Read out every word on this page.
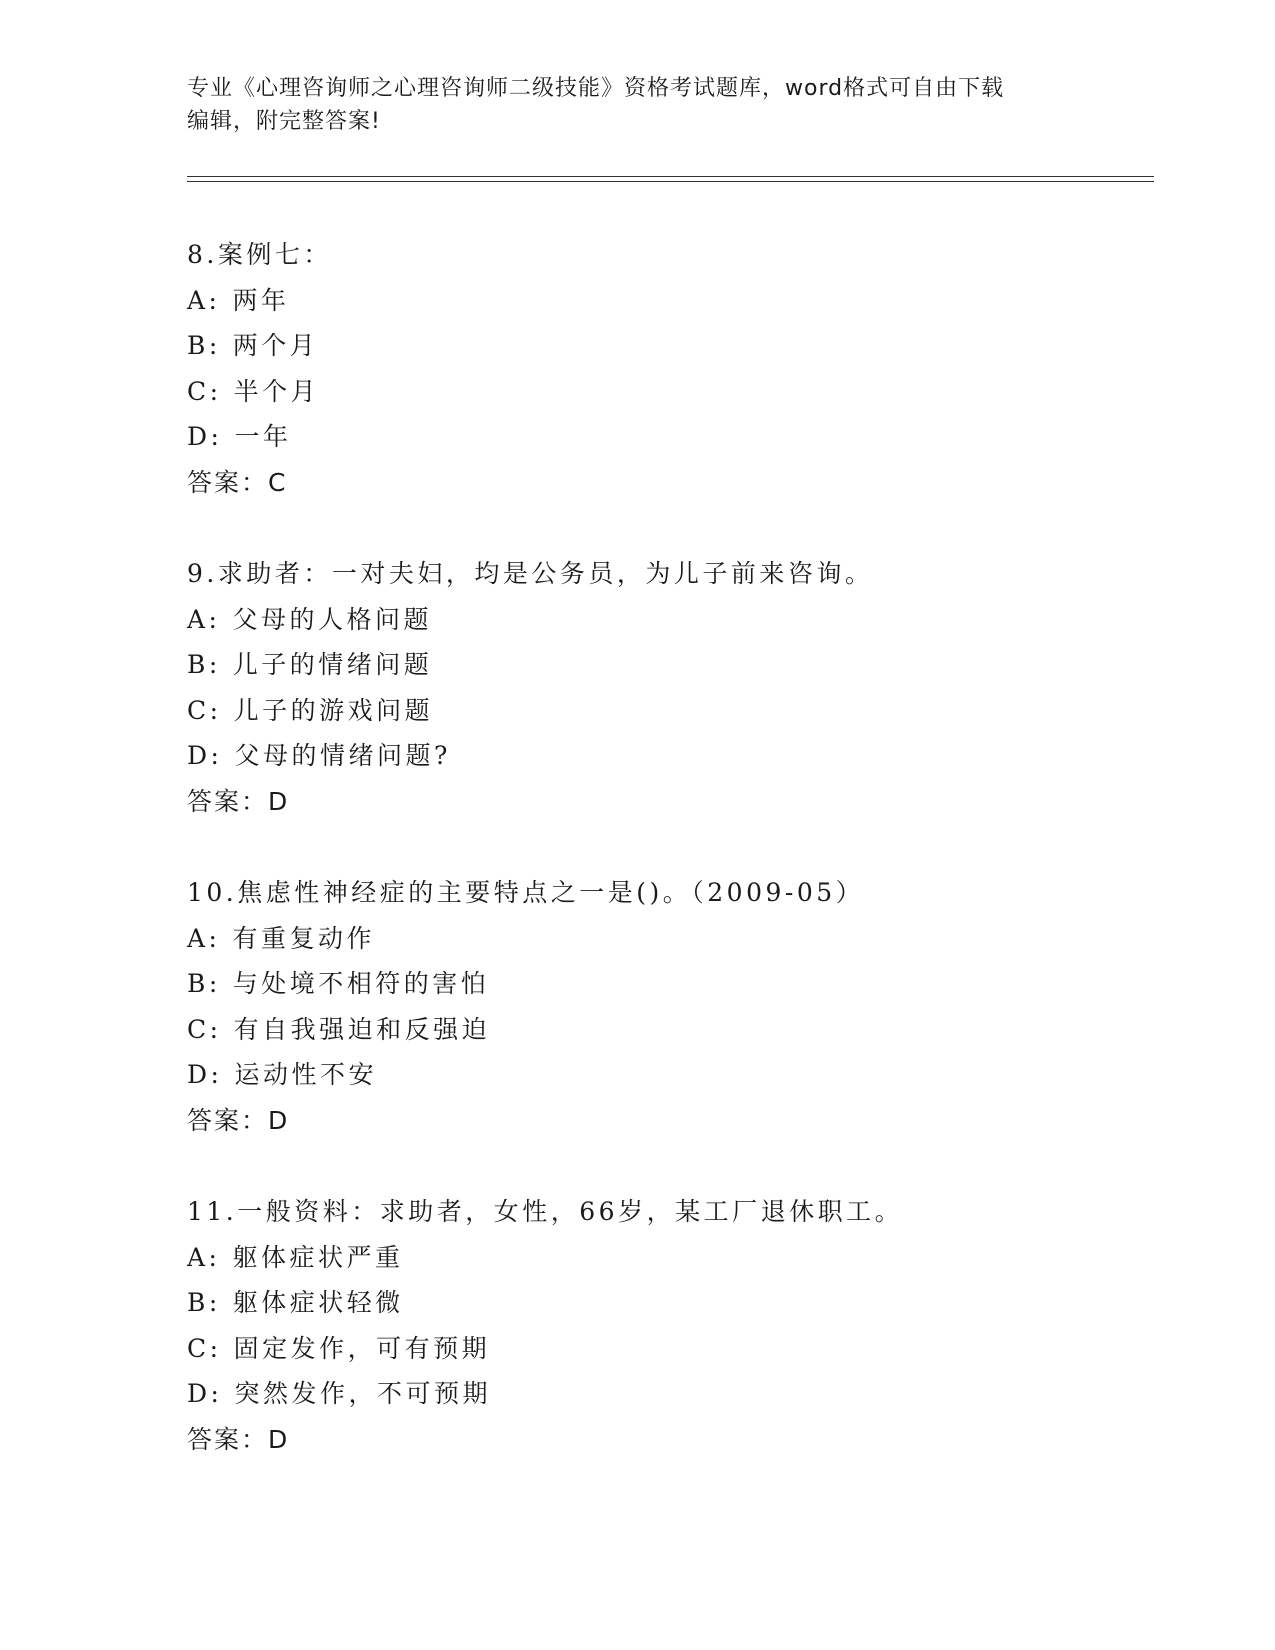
专业《心理咨询师之心理咨询师二级技能》资格考试题库，word格式可自由下载
编辑，附完整答案!
8.案例七：
A: 两年
B: 两个月
C: 半个月
D: 一年
答案：C
9.求助者：一对夫妇，均是公务员，为儿子前来咨询。
A: 父母的人格问题
B: 儿子的情绪问题
C: 儿子的游戏问题
D: 父母的情绪问题?
答案：D
10.焦虑性神经症的主要特点之一是()。（2009-05）
A: 有重复动作
B: 与处境不相符的害怕
C: 有自我强迫和反强迫
D: 运动性不安
答案：D
11.一般资料：求助者，女性，66岁，某工厂退休职工。
A: 躯体症状严重
B: 躯体症状轻微
C: 固定发作，可有预期
D: 突然发作，不可预期
答案：D
